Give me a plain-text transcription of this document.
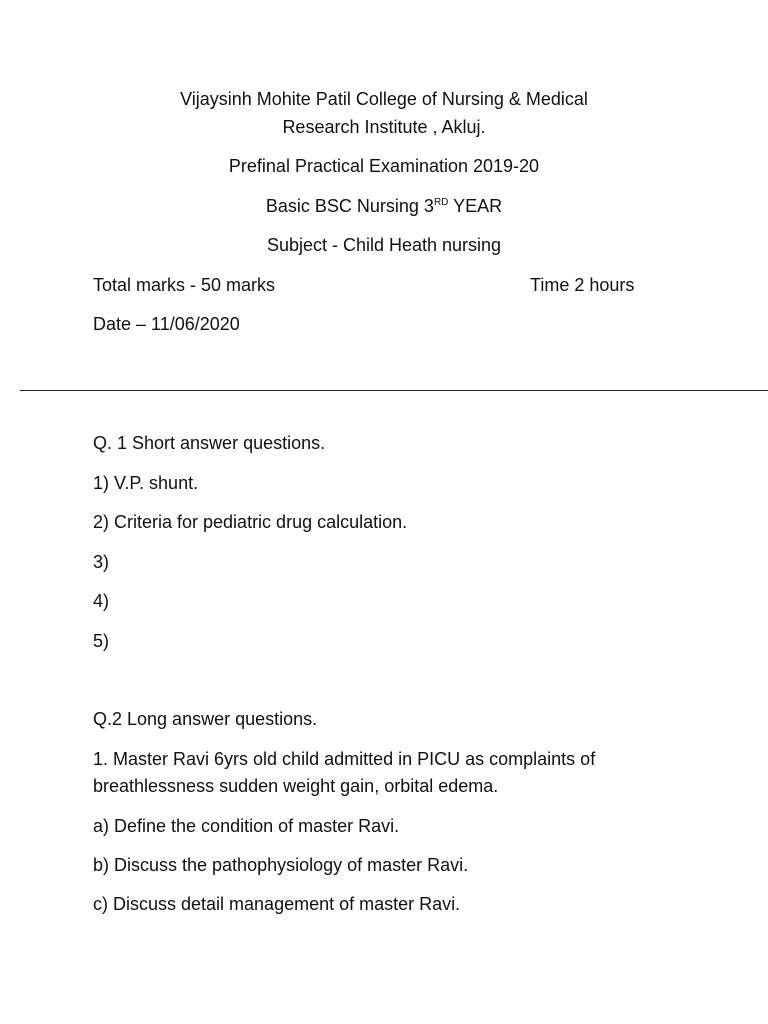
Vijaysinh Mohite Patil College of Nursing & Medical
Research Institute , Akluj.
Prefinal Practical Examination 2019-20
Basic BSC Nursing 3RD YEAR
Subject - Child Heath nursing
Total marks - 50 marks	Time 2 hours
Date – 11/06/2020
Q. 1 Short answer questions.
1) V.P. shunt.
2) Criteria for pediatric drug calculation.
3)
4)
5)
Q.2 Long answer questions.
1. Master Ravi 6yrs old child admitted in PICU as complaints of
breathlessness sudden weight gain, orbital edema.
a) Define the condition of master Ravi.
b) Discuss the pathophysiology of master Ravi.
c) Discuss detail management of master Ravi.
